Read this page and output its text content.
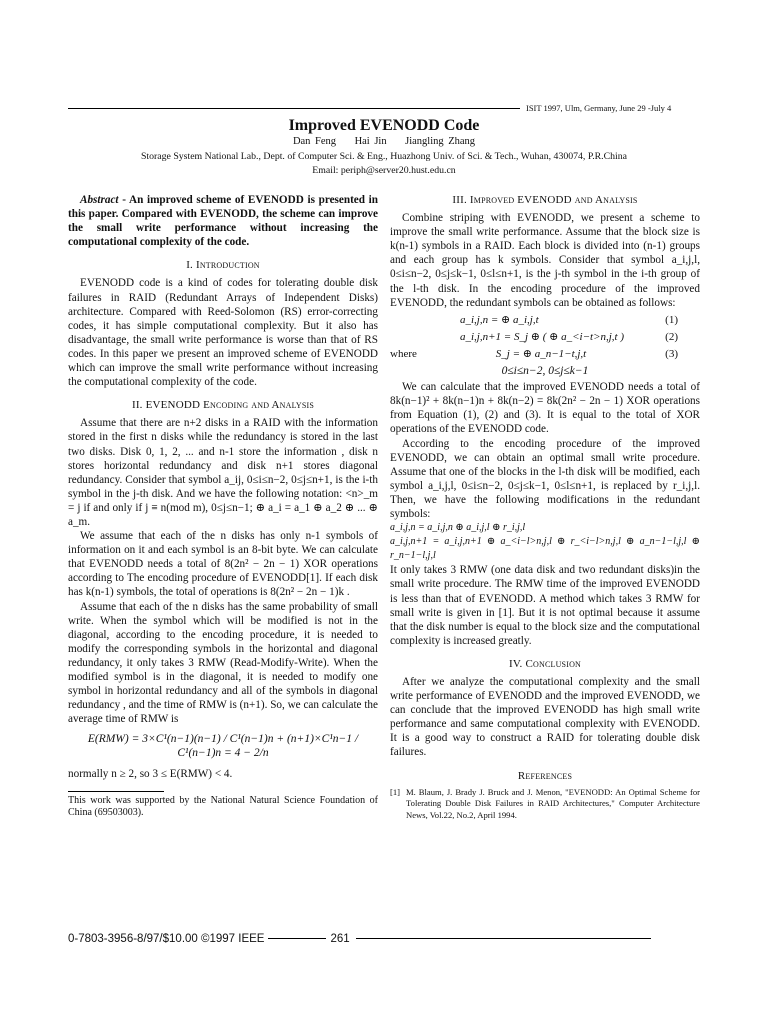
ISIT 1997, Ulm, Germany, June 29 -July 4
Improved EVENODD Code
Dan Feng Hai Jin Jiangling Zhang
Storage System National Lab., Dept. of Computer Sci. & Eng., Huazhong Univ. of Sci. & Tech., Wuhan, 430074, P.R.China
Email: periph@server20.hust.edu.cn

Abstract - An improved scheme of EVENODD is presented in this paper. Compared with EVENODD, the scheme can improve the small write performance without increasing the computational complexity of the code.

I. Introduction

EVENODD code is a kind of codes for tolerating double disk failures in RAID (Redundant Arrays of Independent Disks) architecture. Compared with Reed-Solomon (RS) error-correcting codes, it has simple computational complexity. But it also has disadvantage, the small write performance is worse than that of RS codes. In this paper we present an improved scheme of EVENODD which can improve the small write performance without increasing the computational complexity of the code.

II. EVENODD Encoding and Analysis

Assume that there are n+2 disks in a RAID with the information stored in the first n disks while the redundancy is stored in the last two disks. Disk 0, 1, 2, ... and n-1 store the information , disk n stores horizontal redundancy and disk n+1 stores diagonal redundancy. Consider that symbol a_ij, 0≤i≤n−2, 0≤j≤n+1, is the i-th symbol in the j-th disk. And we have the following notation: <n>_m = j if and only if j ≡ n(mod m), 0≤j≤n−1; ⊕ a_i = a_1 ⊕ a_2 ⊕ ... ⊕ a_m.

We assume that each of the n disks has only n-1 symbols of information on it and each symbol is an 8-bit byte. We can calculate that EVENODD needs a total of 8(2n² − 2n − 1) XOR operations according to The encoding procedure of EVENODD[1]. If each disk has k(n-1) symbols, the total of operations is 8(2n² − 2n − 1)k .

Assume that each of the n disks has the same probability of small write. When the symbol which will be modified is not in the diagonal, according to the encoding procedure, it is needed to modify the corresponding symbols in the horizontal and diagonal redundancy, it only takes 3 RMW (Read-Modify-Write). When the modified symbol is in the diagonal, it is needed to modify one symbol in horizontal redundancy and all of the symbols in diagonal redundancy , and the time of RMW is (n+1). So, we can calculate the average time of RMW is

E(RMW) = 3×C¹(n−1)(n−1) / C¹(n−1)n + (n+1)×C¹n−1 / C¹(n−1)n = 4 − 2/n

normally n ≥ 2, so 3 ≤ E(RMW) < 4.

This work was supported by the National Natural Science Foundation of China (69503003).

III. Improved EVENODD and Analysis

Combine striping with EVENODD, we present a scheme to improve the small write performance. Assume that the block size is k(n-1) symbols in a RAID. Each block is divided into (n-1) groups and each group has k symbols. Consider that symbol a_i,j,l, 0≤i≤n−2, 0≤j≤k−1, 0≤l≤n+1, is the j-th symbol in the i-th group of the l-th disk. In the encoding procedure of the improved EVENODD, the redundant symbols can be obtained as follows:

a_i,j,n = ⊕ a_i,j,t	(1)
a_i,j,n+1 = S_j ⊕ ( ⊕ a_<i−t>n,j,t )	(2)
where	S_j = ⊕ a_n−1−t,j,t	(3)
0≤i≤n−2, 0≤j≤k−1

We can calculate that the improved EVENODD needs a total of 8k(n−1)² + 8k(n−1)n + 8k(n−2) = 8k(2n² − 2n − 1) XOR operations from Equation (1), (2) and (3). It is equal to the total of XOR operations of the EVENODD code.

According to the encoding procedure of the improved EVENODD, we can obtain an optimal small write procedure. Assume that one of the blocks in the l-th disk will be modified, each symbol a_i,j,l, 0≤i≤n−2, 0≤j≤k−1, 0≤l≤n+1, is replaced by r_i,j,l. Then, we have the following modifications in the redundant symbols:

a_i,j,n = a_i,j,n ⊕ a_i,j,l ⊕ r_i,j,l

a_i,j,n+1 = a_i,j,n+1 ⊕ a_<i−l>n,j,l ⊕ r_<i−l>n,j,l ⊕ a_n−1−l,j,l ⊕ r_n−1−l,j,l

It only takes 3 RMW (one data disk and two redundant disks)in the small write procedure. The RMW time of the improved EVENODD is less than that of EVENODD. A method which takes 3 RMW for small write is given in [1]. But it is not optimal because it assume that the disk number is equal to the block size and the computational complexity is increased greatly.

IV. Conclusion

After we analyze the computational complexity and the small write performance of EVENODD and the improved EVENODD, we can conclude that the improved EVENODD has high small write performance and same computational complexity with EVENODD. It is a good way to construct a RAID for tolerating double disk failures.

References

[1] M. Blaum, J. Brady J. Bruck and J. Menon, "EVENODD: An Optimal Scheme for Tolerating Double Disk Failures in RAID Architectures," Computer Architecture News, Vol.22, No.2, April 1994.

0-7803-3956-8/97/$10.00 ©1997 IEEE	261
